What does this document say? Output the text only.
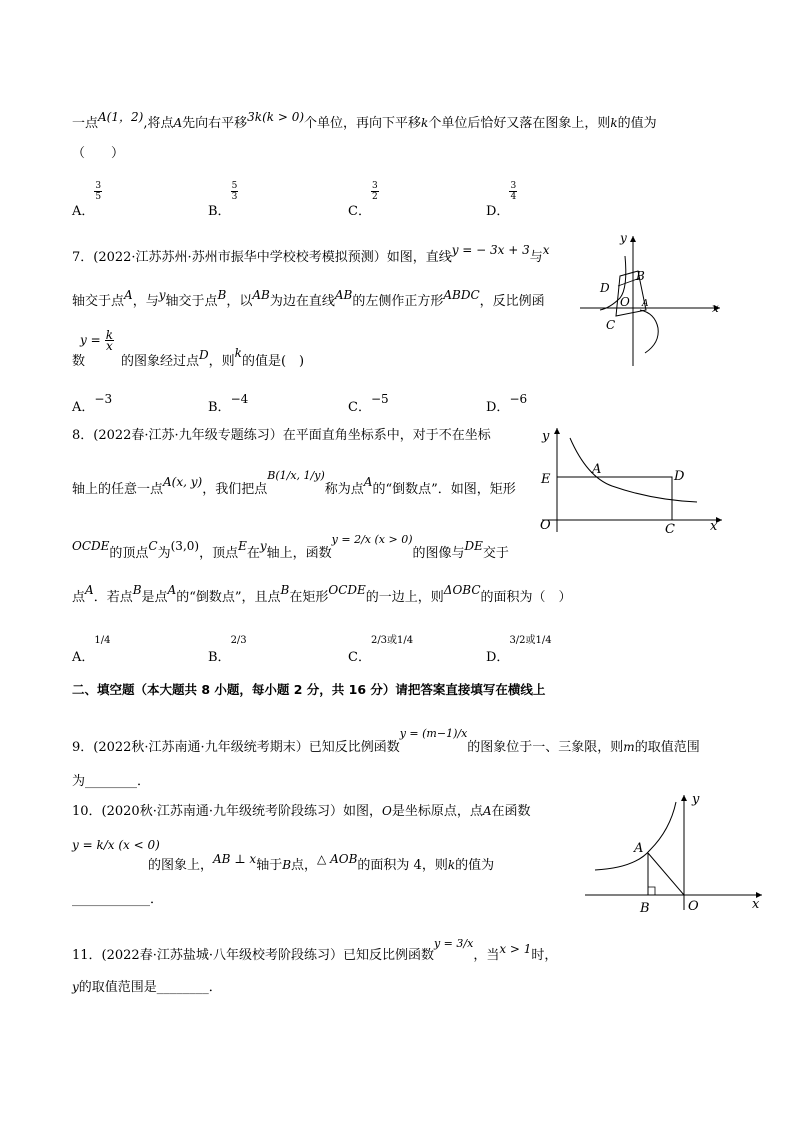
一点A(1，2),将点A先向右平移3k(k > 0)个单位，再向下平移k个单位后恰好又落在图象上，则k的值为
（　　）
A．
$\frac{3}{5}$
B．
$\frac{5}{3}$
C．
$\frac{3}{2}$
D．
$\frac{3}{4}$
7．(2022·江苏苏州·苏州市振华中学校校考模拟预测）如图，直线y = − 3x + 3与x
轴交于点A，与y轴交于点B，以AB为边在直线AB的左侧作正方形ABDC，反比例函
$y = \frac{k}{x}$
数	的图象经过点D，则k的值是(　)
A．−3
B．−4
C．−5
D．−6
y
x
B
D
O A
C
8．(2022春·江苏·九年级专题练习）在平面直角坐标系中，对于不在坐标
轴上的任意一点A(x, y)，我们把点$^{B(1/x, 1/y)}$称为点A的“倒数点”．如图，矩形
OCDE的顶点C为(3,0)，顶点E在y轴上，函数$^{y = 2/x (x > 0)}$的图像与DE交于
点A．若点B是点A的“倒数点”，且点B在矩形OCDE的一边上，则ΔOBC的面积为（　）
A．1/4
B．2/3
C．2/3或1/4
D．3/2或1/4
y
A	D
E
O	C	x
二、填空题（本大题共 8 小题，每小题 2 分，共 16 分）请把答案直接填写在横线上
9．(2022秋·江苏南通·九年级统考期末）已知反比例函数$^{y = (m-1)/x}$的图象位于一、三象限，则m的取值范围
为________．
10．(2020秋·江苏南通·九年级统考阶段练习）如图，O是坐标原点，点A在函数
y = k/x (x < 0)
的图象上，AB ⊥ x轴于B点，△ AOB的面积为 4，则k的值为
____________．
y
A
B	O	x
11．(2022春·江苏盐城·八年级校考阶段练习）已知反比例函数$^{y = 3/x}$，当x > 1时，
y的取值范围是________．
